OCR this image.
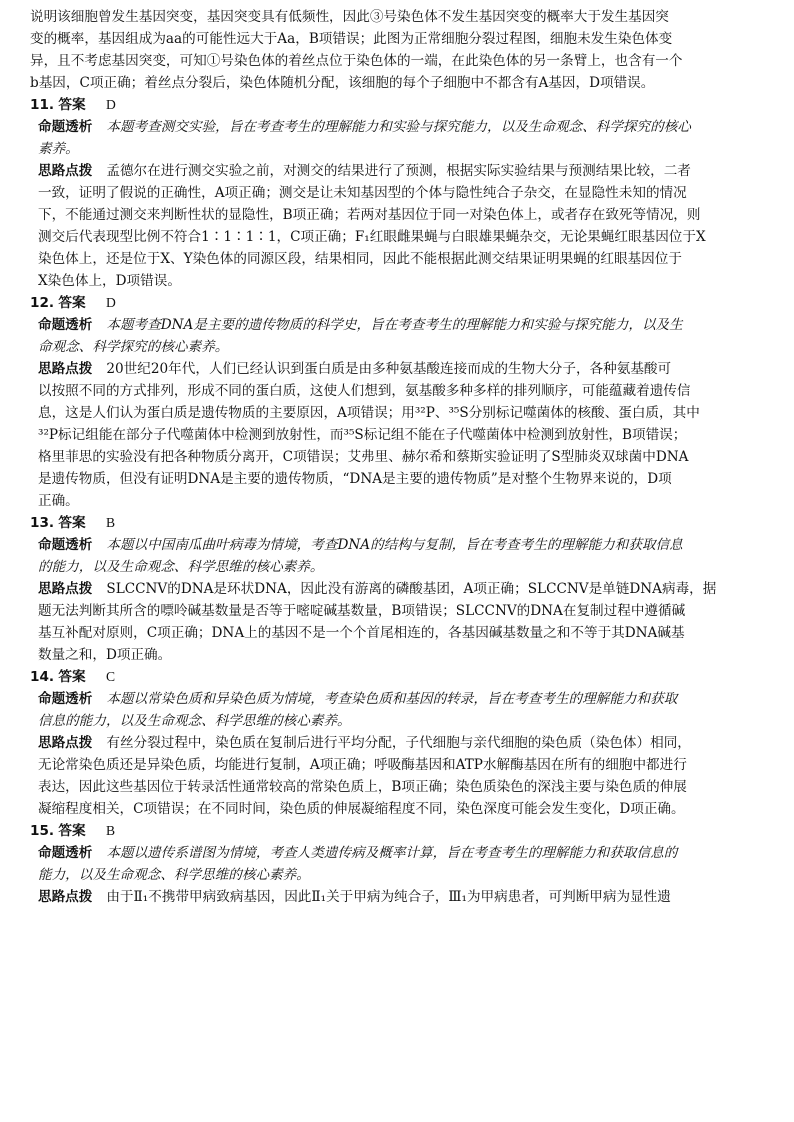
说明该细胞曾发生基因突变，基因突变具有低频性，因此③号染色体不发生基因突变的概率大于发生基因突

变的概率，基因组成为aa的可能性远大于Aa，B项错误；此图为正常细胞分裂过程图，细胞未发生染色体变

异，且不考虑基因突变，可知①号染色体的着丝点位于染色体的一端，在此染色体的另一条臂上，也含有一个

b基因，C项正确；着丝点分裂后，染色体随机分配，该细胞的每个子细胞中不都含有A基因，D项错误。

11. 答案 D

命题透析 本题考查测交实验，旨在考查考生的理解能力和实验与探究能力，以及生命观念、科学探究的核心

素养。

思路点拨 孟德尔在进行测交实验之前，对测交的结果进行了预测，根据实际实验结果与预测结果比较，二者

一致，证明了假说的正确性，A项正确；测交是让未知基因型的个体与隐性纯合子杂交，在显隐性未知的情况

下，不能通过测交来判断性状的显隐性，B项正确；若两对基因位于同一对染色体上，或者存在致死等情况，则

测交后代表现型比例不符合1∶1∶1∶1，C项正确；F₁红眼雌果蝇与白眼雄果蝇杂交，无论果蝇红眼基因位于X

染色体上，还是位于X、Y染色体的同源区段，结果相同，因此不能根据此测交结果证明果蝇的红眼基因位于

X染色体上，D项错误。

12. 答案 D

命题透析 本题考查DNA是主要的遗传物质的科学史，旨在考查考生的理解能力和实验与探究能力，以及生

命观念、科学探究的核心素养。

思路点拨 20世纪20年代，人们已经认识到蛋白质是由多种氨基酸连接而成的生物大分子，各种氨基酸可

以按照不同的方式排列，形成不同的蛋白质，这使人们想到，氨基酸多种多样的排列顺序，可能蕴藏着遗传信

息，这是人们认为蛋白质是遗传物质的主要原因，A项错误；用³²P、³⁵S分别标记噬菌体的核酸、蛋白质，其中

³²P标记组能在部分子代噬菌体中检测到放射性，而³⁵S标记组不能在子代噬菌体中检测到放射性，B项错误；

格里菲思的实验没有把各种物质分离开，C项错误；艾弗里、赫尔希和蔡斯实验证明了S型肺炎双球菌中DNA

是遗传物质，但没有证明DNA是主要的遗传物质，“DNA是主要的遗传物质”是对整个生物界来说的，D项

正确。

13. 答案 B

命题透析 本题以中国南瓜曲叶病毒为情境，考查DNA的结构与复制，旨在考查考生的理解能力和获取信息

的能力，以及生命观念、科学思维的核心素养。

思路点拨 SLCCNV的DNA是环状DNA，因此没有游离的磷酸基团，A项正确；SLCCNV是单链DNA病毒，据

题无法判断其所含的嘌呤碱基数量是否等于嘧啶碱基数量，B项错误；SLCCNV的DNA在复制过程中遵循碱

基互补配对原则，C项正确；DNA上的基因不是一个个首尾相连的，各基因碱基数量之和不等于其DNA碱基

数量之和，D项正确。

14. 答案 C

命题透析 本题以常染色质和异染色质为情境，考查染色质和基因的转录，旨在考查考生的理解能力和获取

信息的能力，以及生命观念、科学思维的核心素养。

思路点拨 有丝分裂过程中，染色质在复制后进行平均分配，子代细胞与亲代细胞的染色质（染色体）相同，

无论常染色质还是异染色质，均能进行复制，A项正确；呼吸酶基因和ATP水解酶基因在所有的细胞中都进行

表达，因此这些基因位于转录活性通常较高的常染色质上，B项正确；染色质染色的深浅主要与染色质的伸展

凝缩程度相关，C项错误；在不同时间，染色质的伸展凝缩程度不同，染色深度可能会发生变化，D项正确。

15. 答案 B

命题透析 本题以遗传系谱图为情境，考查人类遗传病及概率计算，旨在考查考生的理解能力和获取信息的

能力，以及生命观念、科学思维的核心素养。

思路点拨 由于Ⅱ₁不携带甲病致病基因，因此Ⅱ₁关于甲病为纯合子，Ⅲ₁为甲病患者，可判断甲病为显性遗
